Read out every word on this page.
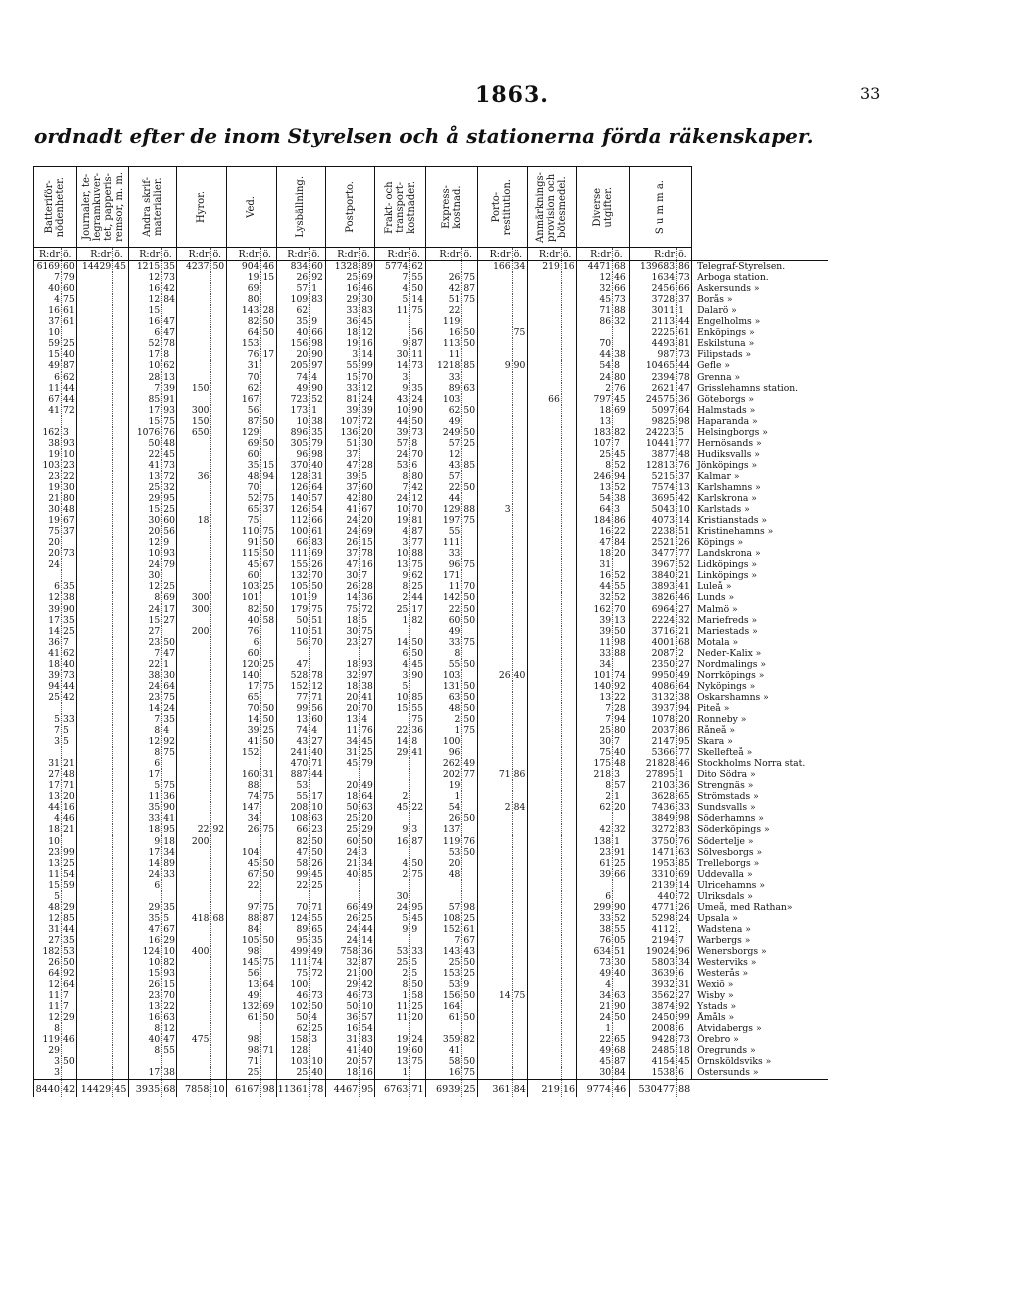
1863.	33
ordnadt efter de inom Styrelsen och å stationerna förda räkenskaper.
Batteriför-
nödenheter.		Journaler, te-
legramkuver-
tet, papperis-
remsor, m. m.		Andra skrif-
materialier.		Hyror.		Ved.		Lysbällning.		Postporto.		Frakt- och
transport-
kostnader.		Express-
kostnad.		Porto-
restitution.		Anmärknings-
provision och
bötesmedel.		Diverse
utgifter.		S u m m a.		

R:dr	ö.	R:dr	ö.	R:dr	ö.	R:dr	ö.	R:dr	ö.	R:dr	ö.	R:dr	ö.	R:dr	ö.	R:dr	ö.	R:dr	ö.	R:dr	ö.	R:dr	ö.	R:dr	ö.	
6169	60	14429	45	1215	35	4237	50	904	46	834	60	1328	89	5774	62			166	34	219	16	4471	68	139683	86	Telegraf-Styrelsen.
7	79			12	73			19	15	26	92	25	69	7	55	26	75					12	46	1634	73	Arboga station.
40	60			16	42			69		57	1	16	46	4	50	42	87					32	66	2456	66	Askersunds »
4	75			12	84			80		109	83	29	30	5	14	51	75					45	73	3728	37	Borås »
16	61			15				143	28	62		33	83	11	75	22						71	88	3011	1	Dalarö »
37	61			16	47			82	50	35	9	36	45			119						86	32	2113	44	Engelholms »
10				6	47			64	50	40	66	18	12		56	16	50		75					2225	61	Enköpings »
59	25			52	78			153		156	98	19	16	9	87	113	50					70		4493	81	Eskilstuna »
15	40			17	8			76	17	20	90	3	14	30	11	11						44	38	987	73	Filipstads »
49	87			10	62			31		205	97	55	99	14	73	1218	85	9	90			54	8	10465	44	Gefle »
6	62			28	13			70		74	4	15	70	3		33						24	80	2394	78	Grenna »
11	44			7	39	150		62		49	90	33	12	9	35	89	63					2	76	2621	47	Grisslehamns station.
67	44			85	91			167		723	52	81	24	43	24	103				66		797	45	24575	36	Göteborgs »
41	72			17	93	300		56		173	1	39	39	10	90	62	50					18	69	5097	64	Halmstads »
				15	75	150		87	50	10	38	107	72	44	50	49						13		9825	98	Haparanda »
162	3			1076	76	650		129		896	35	136	20	39	73	249	50					183	82	24223	5	Helsingborgs »
38	93			50	48			69	50	305	79	51	30	57	8	57	25					107	7	10441	77	Hernösands »
19	10			22	45			60		96	98	37		24	70	12						25	45	3877	48	Hudiksvalls »
103	23			41	73			35	15	370	40	47	28	53	6	43	85					8	52	12813	76	Jönköpings »
23	22			13	72	36		48	94	128	31	39	5	8	80	57						246	94	5215	37	Kalmar »
19	30			25	32			70		126	64	37	60	7	42	22	50					13	52	7574	13	Karlshamns »
21	80			29	95			52	75	140	57	42	80	24	12	44						54	38	3695	42	Karlskrona »
30	48			15	25			65	37	126	54	41	67	10	70	129	88	3				64	3	5043	10	Karlstads »
19	67			30	60	18		75		112	66	24	20	19	81	197	75					184	86	4073	14	Kristianstads »
75	37			20	56			110	75	100	61	24	69	4	87	55						16	22	2238	51	Kristinehamns »
20				12	9			91	50	66	83	26	15	3	77	111						47	84	2521	26	Köpings »
20	73			10	93			115	50	111	69	37	78	10	88	33						18	20	3477	77	Landskrona »
24				24	79			45	67	155	26	47	16	13	75	96	75					31		3967	52	Lidköpings »
				30				60		132	70	30	7	9	62	171						16	52	3840	21	Linköpings »
6	35			12	25			103	25	105	50	26	28	8	25	11	70					44	55	3893	41	Luleå »
12	38			8	69	300		101		101	9	14	36	2	44	142	50					32	52	3826	46	Lunds »
39	90			24	17	300		82	50	179	75	75	72	25	17	22	50					162	70	6964	27	Malmö »
17	35			15	27			40	58	50	51	18	5	1	82	60	50					39	13	2224	32	Mariefreds »
14	25			27		200		76		110	51	30	75			49						39	50	3716	21	Mariestads »
36	7			23	50			6		56	70	23	27	14	50	33	75					11	98	4001	68	Motala »
41	62			7	47			60						6	50	8						33	88	2087	2	Neder-Kalix »
18	40			22	1			120	25	47		18	93	4	45	55	50					34		2350	27	Nordmalings »
39	73			38	30			140		528	78	32	97	3	90	103		26	40			101	74	9950	49	Norrköpings »
94	44			24	64			17	75	152	12	18	38	5		131	50					140	92	4086	64	Nyköpings »
25	42			23	75			65		77	71	20	41	10	85	63	50					13	22	3132	38	Oskarshamns »
				14	24			70	50	99	56	20	70	15	55	48	50					7	28	3937	94	Piteå »
5	33			7	35			14	50	13	60	13	4		75	2	50					7	94	1078	20	Ronneby »
7	5			8	4			39	25	74	4	11	76	22	36	1	75					25	80	2037	86	Råneå »
3	5			12	92			41	50	43	27	34	45	14	8	100						30	7	2147	95	Skara »
				8	75			152		241	40	31	25	29	41	96						75	40	5366	77	Skellefteå »
31	21			6						470	71	45	79			262	49					175	48	21828	46	Stockholms Norra stat.
27	48			17				160	31	887	44					202	77	71	86			218	3	27895	1	Dito Södra »
17	71			5	75			88		53		20	49			19						8	57	2103	36	Strengnäs »
13	20			11	36			74	75	55	17	18	64	2		1						2	1	3628	65	Strömstads »
44	16			35	90			147		208	10	50	63	45	22	54		2	84			62	20	7436	33	Sundsvalls »
4	46			33	41			34		108	63	25	20			26	50							3849	98	Söderhamns »
18	21			18	95	22	92	26	75	66	23	25	29	9	3	137						42	32	3272	83	Söderköpings »
10				9	18	200				82	50	60	50	16	87	119	76					138	1	3750	76	Södertelje »
23	99			17	34			104		47	50	24	3			53	50					23	91	1471	63	Sölvesborgs »
13	25			14	89			45	50	58	26	21	34	4	50	20						61	25	1953	85	Trelleborgs »
11	54			24	33			67	50	99	45	40	85	2	75	48						39	66	3310	69	Uddevalla »
15	59			6				22		22	25													2139	14	Ulricehamns »
5														30								6		440	72	Ulriksdals »
48	29			29	35			97	75	70	71	66	49	24	95	57	98					299	90	4771	26	Umeå, med Rathan»
12	85			35	5	418	68	88	87	124	55	26	25	5	45	108	25					33	52	5298	24	Upsala »
31	44			47	67			84		89	65	24	44	9	9	152	61					38	55	4112	.	Wadstena »
27	35			16	29			105	50	95	35	24	14			7	67					76	05	2194	7	Warbergs »
182	53			124	10	400		98		499	49	758	36	53	33	143	43					634	51	19024	96	Wenersborgs »
26	50			10	82			145	75	111	74	32	87	25	5	25	50					73	30	5803	34	Westerviks »
64	92			15	93			56		75	72	21	00	2	5	153	25					49	40	3639	6	Westerås »
12	64			26	15			13	64	100		29	42	8	50	53	9					4		3932	31	Wexiö »
11	7			23	70			49		46	73	46	73	1	58	156	50	14	75			34	63	3562	27	Wisby »
11	7			13	22			132	69	102	50	50	10	11	25	164						21	90	3874	92	Ystads »
12	29			16	63			61	50	50	4	36	57	11	20	61	50					24	50	2450	99	Åmåls »
8				8	12					62	25	16	54									1		2008	6	Atvidabergs »
119	46			40	47	475		98		158	3	31	83	19	24	359	82					22	65	9428	73	Örebro »
29				8	55			98	71	128		41	40	19	60	41						49	68	2485	18	Öregrunds »
3	50							71		103	10	20	57	13	75	58	50					45	87	4154	45	Örnsköldsviks »
3				17	38			25		25	40	18	16	1		16	75					30	84	1538	6	Östersunds »
8440	42	14429	45	3935	68	7858	10	6167	98	11361	78	4467	95	6763	71	6939	25	361	84	219	16	9774	46	530477	88	
